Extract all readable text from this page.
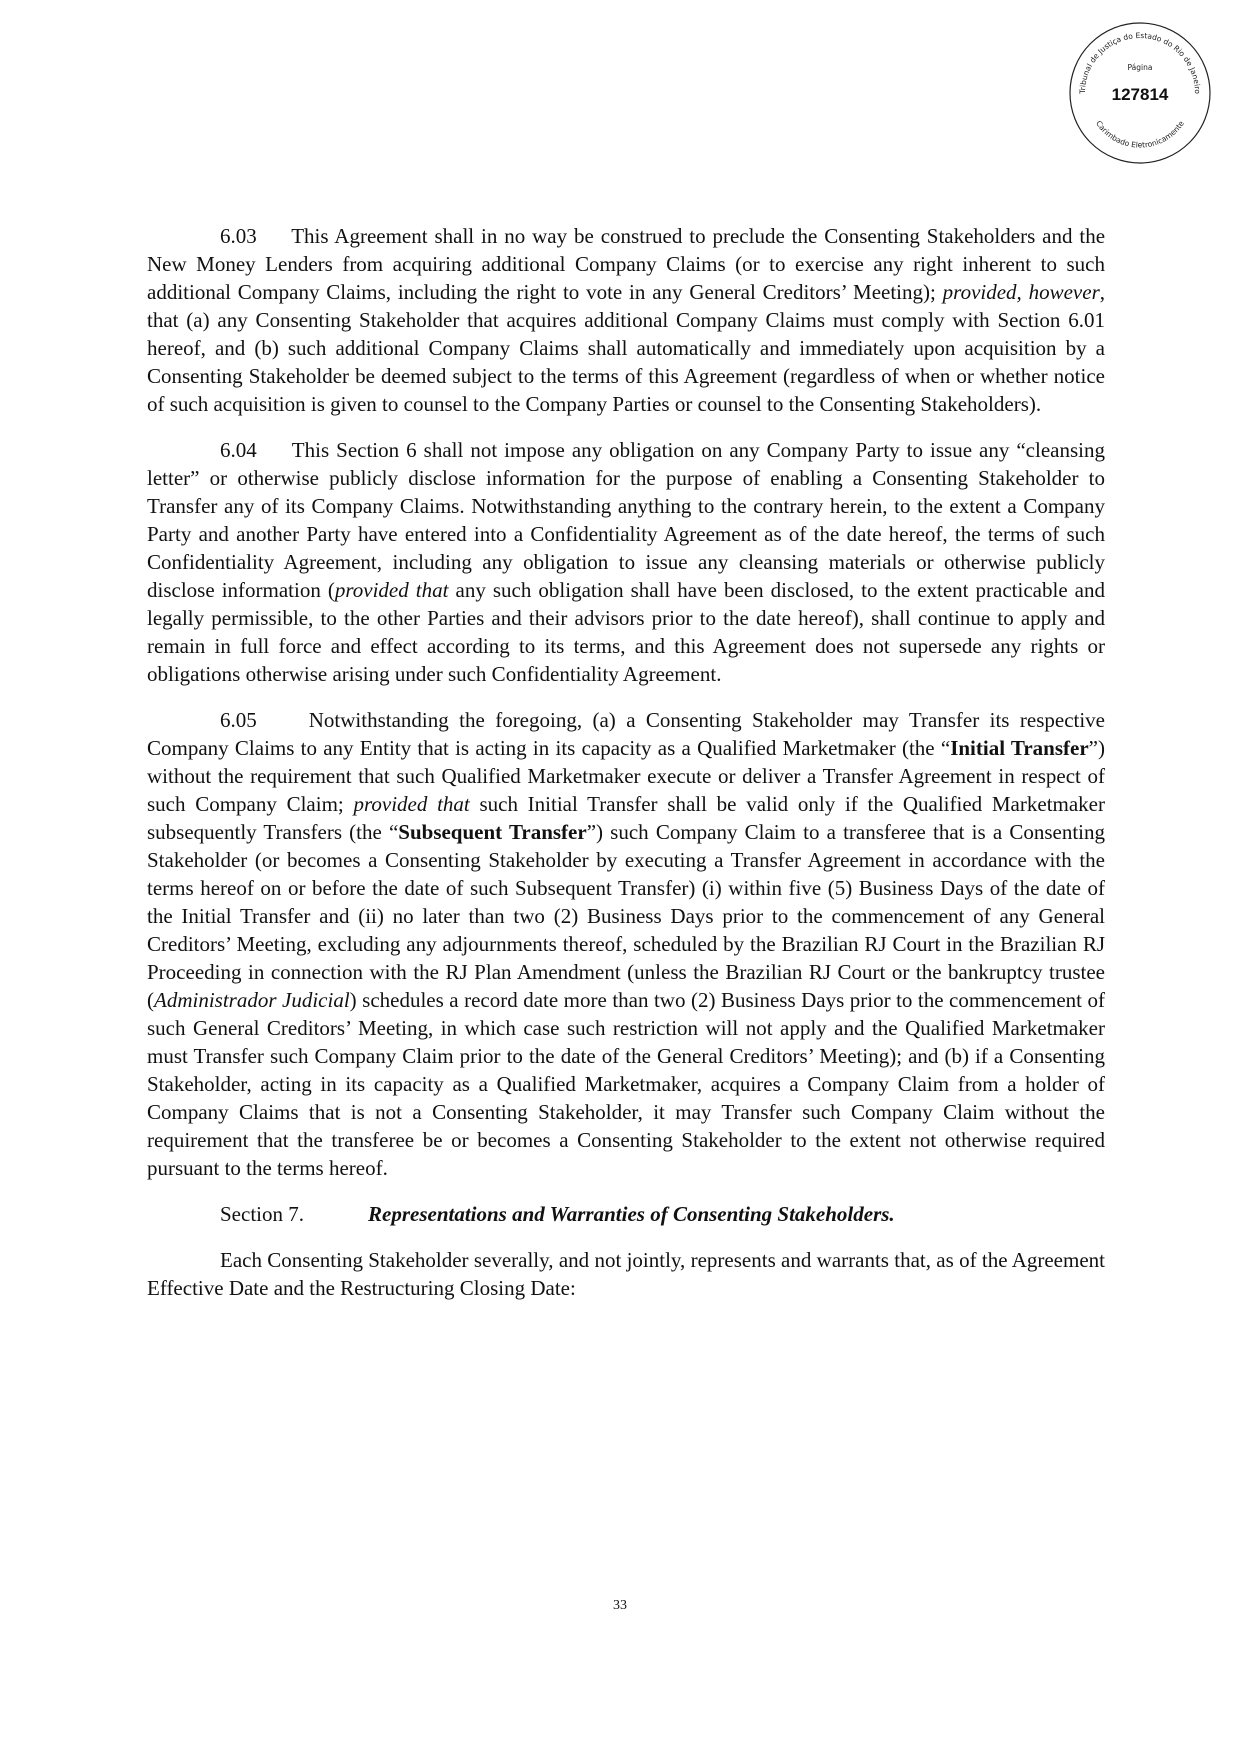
Tribunal de Justiça do Estado do Rio de Janeiro
Carimbado Eletronicamente
Página
127814

6.03 This Agreement shall in no way be construed to preclude the Consenting Stakeholders and the New Money Lenders from acquiring additional Company Claims (or to exercise any right inherent to such additional Company Claims, including the right to vote in any General Creditors’ Meeting); provided, however, that (a) any Consenting Stakeholder that acquires additional Company Claims must comply with Section 6.01 hereof, and (b) such additional Company Claims shall automatically and immediately upon acquisition by a Consenting Stakeholder be deemed subject to the terms of this Agreement (regardless of when or whether notice of such acquisition is given to counsel to the Company Parties or counsel to the Consenting Stakeholders).

6.04 This Section 6 shall not impose any obligation on any Company Party to issue any “cleansing letter” or otherwise publicly disclose information for the purpose of enabling a Consenting Stakeholder to Transfer any of its Company Claims. Notwithstanding anything to the contrary herein, to the extent a Company Party and another Party have entered into a Confidentiality Agreement as of the date hereof, the terms of such Confidentiality Agreement, including any obligation to issue any cleansing materials or otherwise publicly disclose information (provided that any such obligation shall have been disclosed, to the extent practicable and legally permissible, to the other Parties and their advisors prior to the date hereof), shall continue to apply and remain in full force and effect according to its terms, and this Agreement does not supersede any rights or obligations otherwise arising under such Confidentiality Agreement.

6.05 Notwithstanding the foregoing, (a) a Consenting Stakeholder may Transfer its respective Company Claims to any Entity that is acting in its capacity as a Qualified Marketmaker (the “Initial Transfer”) without the requirement that such Qualified Marketmaker execute or deliver a Transfer Agreement in respect of such Company Claim; provided that such Initial Transfer shall be valid only if the Qualified Marketmaker subsequently Transfers (the “Subsequent Transfer”) such Company Claim to a transferee that is a Consenting Stakeholder (or becomes a Consenting Stakeholder by executing a Transfer Agreement in accordance with the terms hereof on or before the date of such Subsequent Transfer) (i) within five (5) Business Days of the date of the Initial Transfer and (ii) no later than two (2) Business Days prior to the commencement of any General Creditors’ Meeting, excluding any adjournments thereof, scheduled by the Brazilian RJ Court in the Brazilian RJ Proceeding in connection with the RJ Plan Amendment (unless the Brazilian RJ Court or the bankruptcy trustee (Administrador Judicial) schedules a record date more than two (2) Business Days prior to the commencement of such General Creditors’ Meeting, in which case such restriction will not apply and the Qualified Marketmaker must Transfer such Company Claim prior to the date of the General Creditors’ Meeting); and (b) if a Consenting Stakeholder, acting in its capacity as a Qualified Marketmaker, acquires a Company Claim from a holder of Company Claims that is not a Consenting Stakeholder, it may Transfer such Company Claim without the requirement that the transferee be or becomes a Consenting Stakeholder to the extent not otherwise required pursuant to the terms hereof.

Section 7.	Representations and Warranties of Consenting Stakeholders.

Each Consenting Stakeholder severally, and not jointly, represents and warrants that, as of the Agreement Effective Date and the Restructuring Closing Date:

33
